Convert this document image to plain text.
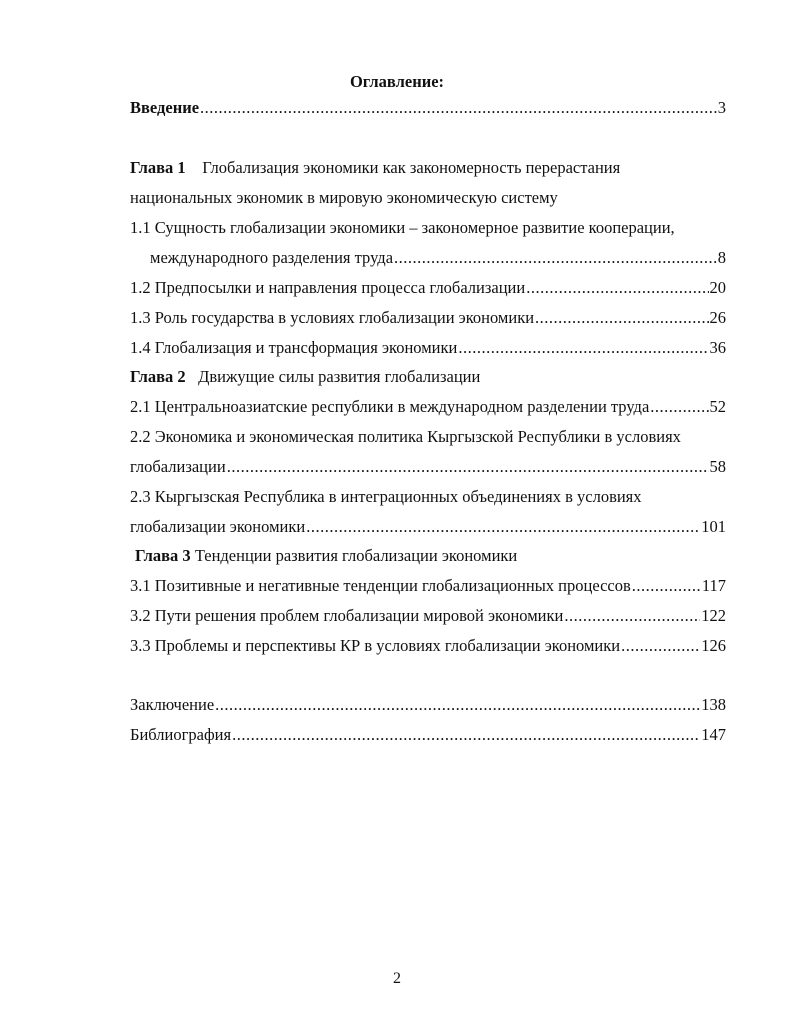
Оглавление:
Введение .....	3
Глава 1 Глобализация экономики как закономерность перерастания
национальных экономик в мировую экономическую систему
1.1 Сущность глобализации экономики – закономерное развитие кооперации,
международного разделения труда .....	8
1.2 Предпосылки и направления процесса глобализации .....	20
1.3 Роль государства в условиях глобализации экономики .....	26
1.4 Глобализация и трансформация экономики .....	36
Глава 2 Движущие силы развития глобализации
2.1 Центральноазиатские республики в международном разделении труда .....	52
2.2 Экономика и экономическая политика Кыргызской Республики в условиях
глобализации .....	58
2.3 Кыргызская Республика в интеграционных объединениях в условиях
глобализации экономики .....	101
Глава 3 Тенденции развития глобализации экономики
3.1 Позитивные и негативные тенденции глобализационных процессов .....	117
3.2 Пути решения проблем глобализации мировой экономики .....	122
3.3 Проблемы и перспективы КР в условиях глобализации экономики .....	126
Заключение .....	138
Библиография .....	147
2
